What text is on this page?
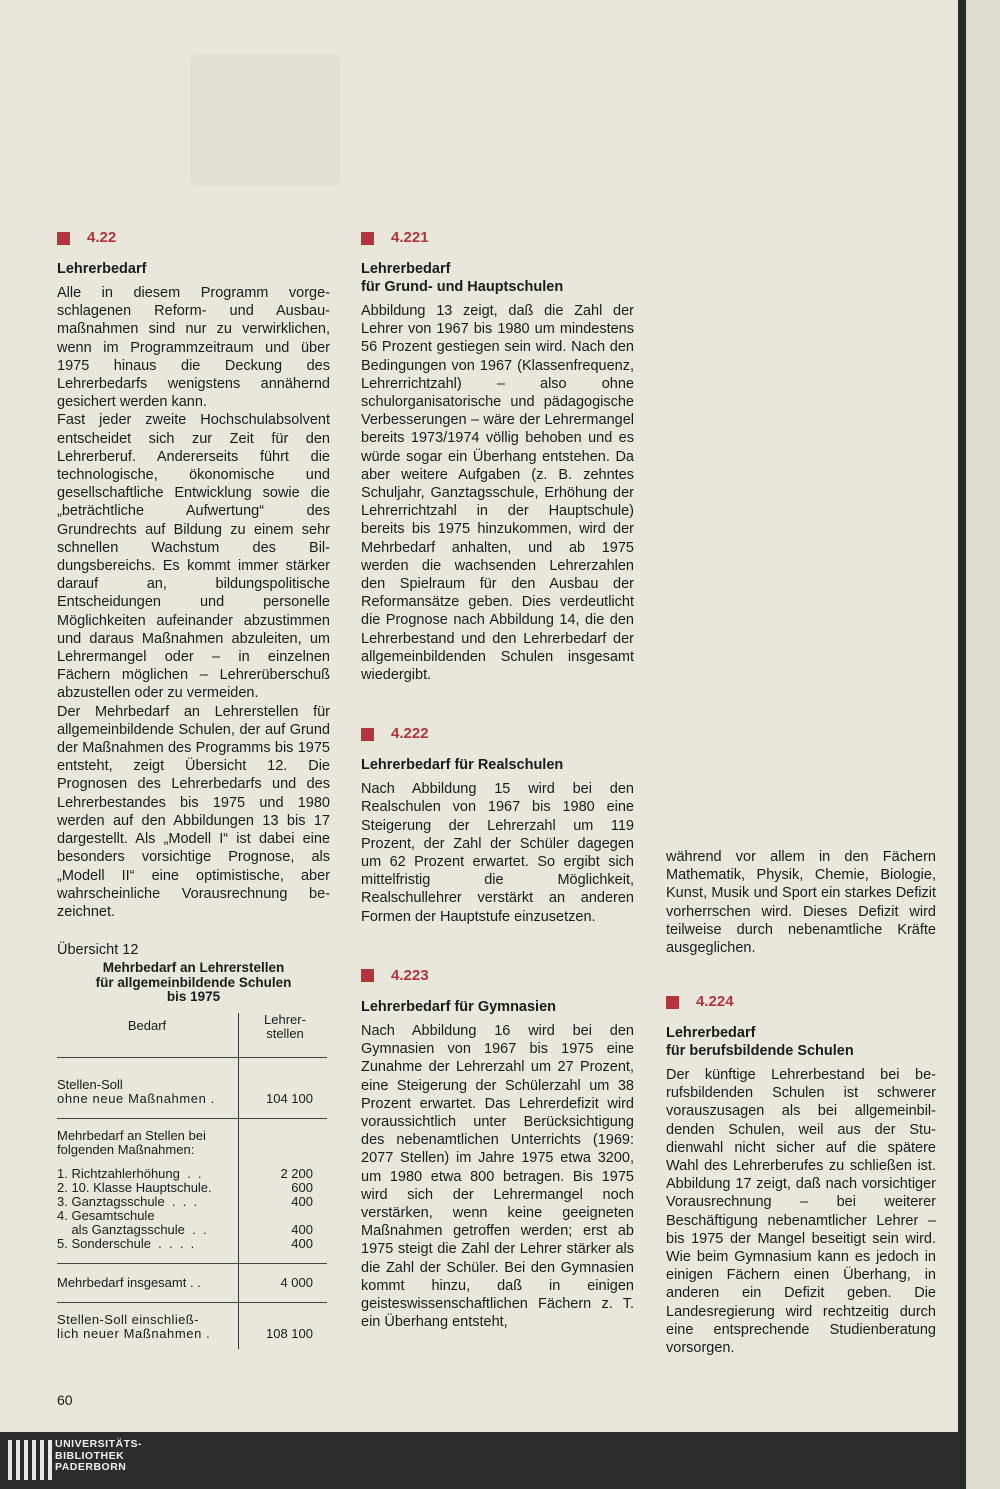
4.22
Lehrerbedarf
Alle in diesem Programm vorgeschlagenen Reform- und Ausbaumaßnahmen sind nur zu verwirklichen, wenn im Programmzeitraum und über 1975 hinaus die Deckung des Lehrerbedarfs wenigstens annähernd gesichert werden kann.
Fast jeder zweite Hochschulabsolvent entscheidet sich zur Zeit für den Lehrerberuf. Andererseits führt die technologische, ökonomische und gesellschaftliche Entwicklung sowie die „beträchtliche Aufwertung“ des Grundrechts auf Bildung zu einem sehr schnellen Wachstum des Bildungsbereichs. Es kommt immer stärker darauf an, bildungspolitische Entscheidungen und personelle Möglichkeiten aufeinander abzustimmen und daraus Maßnahmen abzuleiten, um Lehrermangel oder – in einzelnen Fächern möglichen – Lehrerüberschuß abzustellen oder zu vermeiden.
Der Mehrbedarf an Lehrerstellen für allgemeinbildende Schulen, der auf Grund der Maßnahmen des Programms bis 1975 entsteht, zeigt Übersicht 12. Die Prognosen des Lehrerbedarfs und des Lehrerbestandes bis 1975 und 1980 werden auf den Abbildungen 13 bis 17 dargestellt. Als „Modell I“ ist dabei eine besonders vorsichtige Prognose, als „Modell II“ eine optimistische, aber wahrscheinliche Vorausrechnung bezeichnet.
Übersicht 12
Mehrbedarf an Lehrerstellen
für allgemeinbildende Schulen
bis 1975
Bedarf	Lehrer-
stellen
Stellen-Soll
ohne neue Maßnahmen .	104 100
Mehrbedarf an Stellen bei
folgenden Maßnahmen:
1. Richtzahlerhöhung  .  .	2 200
2. 10. Klasse Hauptschule.	600
3. Ganztagsschule  .  .  .	400
4. Gesamtschule
als Ganztagsschule  .  .	400
5. Sonderschule  .  .  .  .	400
Mehrbedarf insgesamt . .	4 000
Stellen-Soll einschließ-
lich neuer Maßnahmen .	108 100
4.221
Lehrerbedarf
für Grund- und Hauptschulen
Abbildung 13 zeigt, daß die Zahl der Lehrer von 1967 bis 1980 um mindestens 56 Prozent gestiegen sein wird. Nach den Bedingungen von 1967 (Klassenfrequenz, Lehrerrichtzahl) – also ohne schulorganisatorische und pädagogische Verbesserungen – wäre der Lehrermangel bereits 1973/1974 völlig behoben und es würde sogar ein Überhang entstehen. Da aber weitere Aufgaben (z. B. zehntes Schuljahr, Ganztagsschule, Erhöhung der Lehrerrichtzahl in der Hauptschule) bereits bis 1975 hinzukommen, wird der Mehrbedarf anhalten, und ab 1975 werden die wachsenden Lehrerzahlen den Spielraum für den Ausbau der Reformansätze geben. Dies verdeutlicht die Prognose nach Abbildung 14, die den Lehrerbestand und den Lehrerbedarf der allgemeinbildenden Schulen insgesamt wiedergibt.
4.222
Lehrerbedarf für Realschulen
Nach Abbildung 15 wird bei den Realschulen von 1967 bis 1980 eine Steigerung der Lehrerzahl um 119 Prozent, der Zahl der Schüler dagegen um 62 Prozent erwartet. So ergibt sich mittelfristig die Möglichkeit, Realschullehrer verstärkt an anderen Formen der Hauptstufe einzusetzen.
4.223
Lehrerbedarf für Gymnasien
Nach Abbildung 16 wird bei den Gymnasien von 1967 bis 1975 eine Zunahme der Lehrerzahl um 27 Prozent, eine Steigerung der Schülerzahl um 38 Prozent erwartet. Das Lehrerdefizit wird voraussichtlich unter Berücksichtigung des nebenamtlichen Unterrichts (1969: 2077 Stellen) im Jahre 1975 etwa 3200, um 1980 etwa 800 betragen. Bis 1975 wird sich der Lehrermangel noch verstärken, wenn keine geeigneten Maßnahmen getroffen werden; erst ab 1975 steigt die Zahl der Lehrer stärker als die Zahl der Schüler. Bei den Gymnasien kommt hinzu, daß in einigen geisteswissenschaftlichen Fächern z. T. ein Überhang entsteht,
während vor allem in den Fächern Mathematik, Physik, Chemie, Biologie, Kunst, Musik und Sport ein starkes Defizit vorherrschen wird. Dieses Defizit wird teilweise durch nebenamtliche Kräfte ausgeglichen.
4.224
Lehrerbedarf
für berufsbildende Schulen
Der künftige Lehrerbestand bei berufsbildenden Schulen ist schwerer vorauszusagen als bei allgemeinbildenden Schulen, weil aus der Studienwahl nicht sicher auf die spätere Wahl des Lehrerberufes zu schließen ist. Abbildung 17 zeigt, daß nach vorsichtiger Vorausrechnung – bei weiterer Beschäftigung nebenamtlicher Lehrer – bis 1975 der Mangel beseitigt sein wird. Wie beim Gymnasium kann es jedoch in einigen Fächern einen Überhang, in anderen ein Defizit geben. Die Landesregierung wird rechtzeitig durch eine entsprechende Studienberatung vorsorgen.
60
UNIVERSITÄTS-
BIBLIOTHEK
PADERBORN
